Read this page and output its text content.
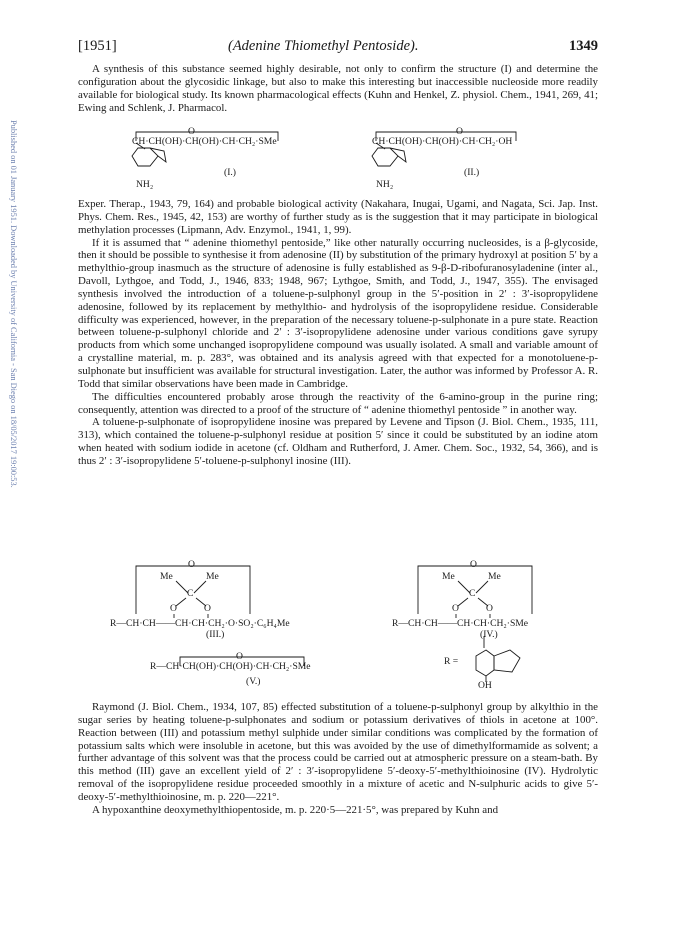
[1951]	(Adenine Thiomethyl Pentoside).	1349
Published on 01 January 1951. Downloaded by University of California - San Diego on 18/05/2017 19:00:53.

A synthesis of this substance seemed highly desirable, not only to confirm the structure (I) and determine the configuration about the glycosidic linkage, but also to make this interesting but inaccessible nucleoside more readily available for biological study. Its known pharmacological effects (Kuhn and Henkel, Z. physiol. Chem., 1941, 269, 41; Ewing and Schlenk, J. Pharmacol.

O
CH·CH(OH)·CH(OH)·CH·CH₂·SMe
(I.)
NH₂
O
CH·CH(OH)·CH(OH)·CH·CH₂·OH
(II.)
NH₂

Exper. Therap., 1943, 79, 164) and probable biological activity (Nakahara, Inugai, Ugami, and Nagata, Sci. Jap. Inst. Phys. Chem. Res., 1945, 42, 153) are worthy of further study as is the suggestion that it may participate in biological methylation processes (Lipmann, Adv. Enzymol., 1941, 1, 99).

If it is assumed that “ adenine thiomethyl pentoside,” like other naturally occurring nucleosides, is a β-glycoside, then it should be possible to synthesise it from adenosine (II) by substitution of the primary hydroxyl at position 5′ by a methylthio-group inasmuch as the structure of adenosine is fully established as 9-β-D-ribofuranosyladenine (inter al., Davoll, Lythgoe, and Todd, J., 1946, 833; 1948, 967; Lythgoe, Smith, and Todd, J., 1947, 355). The envisaged synthesis involved the introduction of a toluene-p-sulphonyl group in the 5′-position in 2′ : 3′-isopropylidene adenosine, followed by its replacement by methylthio- and hydrolysis of the isopropylidene residue. Considerable difficulty was experienced, however, in the preparation of the necessary toluene-p-sulphonate in a pure state. Reaction between toluene-p-sulphonyl chloride and 2′ : 3′-isopropylidene adenosine under various conditions gave syrupy products from which some unchanged isopropylidene compound was usually isolated. A small and variable amount of a crystalline material, m. p. 283°, was obtained and its analysis agreed with that expected for a monotoluene-p-sulphonate but insufficient was available for structural investigation. Later, the author was informed by Professor A. R. Todd that similar observations have been made in Cambridge.

The difficulties encountered probably arose through the reactivity of the 6-amino-group in the purine ring; consequently, attention was directed to a proof of the structure of “ adenine thiomethyl pentoside ” in another way.

A toluene-p-sulphonate of isopropylidene inosine was prepared by Levene and Tipson (J. Biol. Chem., 1935, 111, 313), which contained the toluene-p-sulphonyl residue at position 5′ since it could be substituted by an iodine atom when heated with sodium iodide in acetone (cf. Oldham and Rutherford, J. Amer. Chem. Soc., 1932, 54, 366), and is thus 2′ : 3′-isopropylidene 5′-toluene-p-sulphonyl inosine (III).

O
Me	Me
C
O	O
R—CH·CH——CH·CH·CH₂·O·SO₂·C₆H₄Me
(III.)
O
Me	Me
C
O	O
R—CH·CH——CH·CH·CH₂·SMe
(IV.)
O
R—CH·CH(OH)·CH(OH)·CH·CH₂·SMe
(V.)
R =
OH

Raymond (J. Biol. Chem., 1934, 107, 85) effected substitution of a toluene-p-sulphonyl group by alkylthio in the sugar series by heating toluene-p-sulphonates and sodium or potassium derivatives of thiols in acetone at 100°. Reaction between (III) and potassium methyl sulphide under similar conditions was complicated by the formation of potassium salts which were insoluble in acetone, but this was avoided by the use of dimethylformamide as solvent; a further advantage of this solvent was that the process could be carried out at atmospheric pressure on a steam-bath. By this method (III) gave an excellent yield of 2′ : 3′-isopropylidene 5′-deoxy-5′-methylthioinosine (IV). Hydrolytic removal of the isopropylidene residue proceeded smoothly in a mixture of acetic and N-sulphuric acids to give 5′-deoxy-5′-methylthioinosine, m. p. 220—221°.

A hypoxanthine deoxymethylthiopentoside, m. p. 220·5—221·5°, was prepared by Kuhn and
